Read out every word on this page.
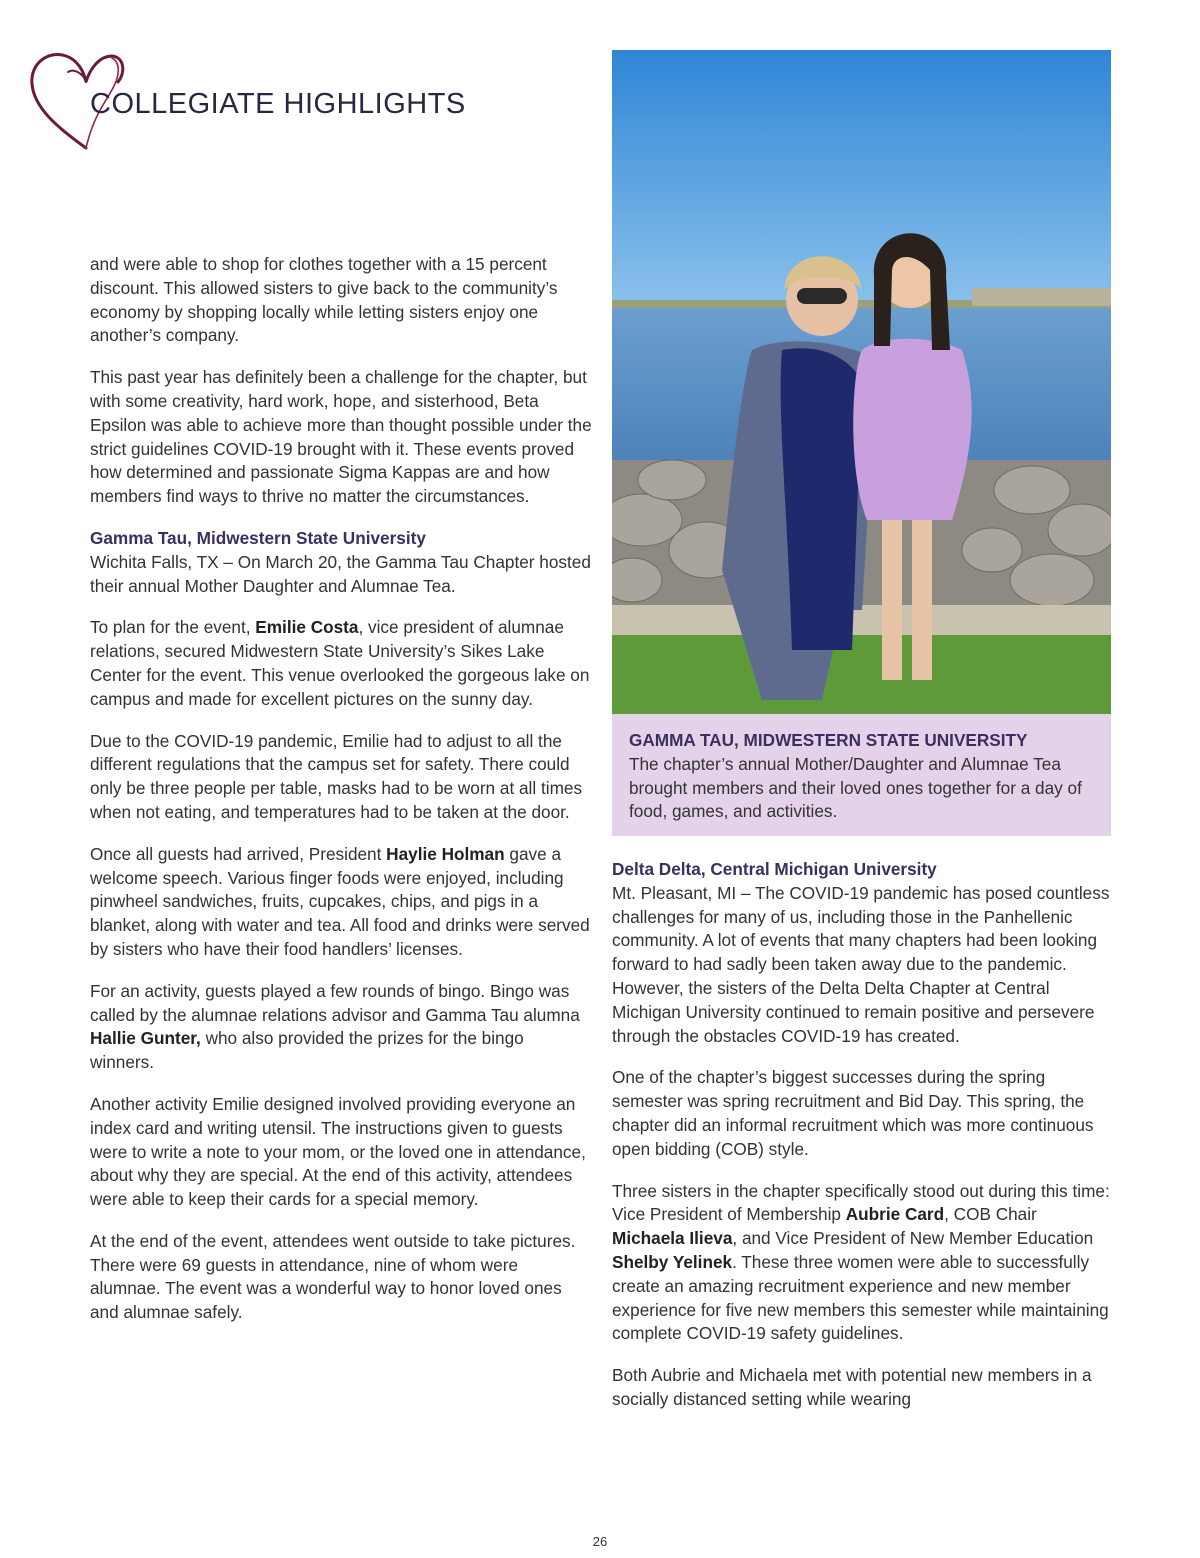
COLLEGIATE HIGHLIGHTS

and were able to shop for clothes together with a 15 percent discount. This allowed sisters to give back to the community’s economy by shopping locally while letting sisters enjoy one another’s company.

This past year has definitely been a challenge for the chapter, but with some creativity, hard work, hope, and sisterhood, Beta Epsilon was able to achieve more than thought possible under the strict guidelines COVID-19 brought with it. These events proved how determined and passionate Sigma Kappas are and how members find ways to thrive no matter the circumstances.

Gamma Tau, Midwestern State University

Wichita Falls, TX – On March 20, the Gamma Tau Chapter hosted their annual Mother Daughter and Alumnae Tea.

To plan for the event, Emilie Costa, vice president of alumnae relations, secured Midwestern State University’s Sikes Lake Center for the event. This venue overlooked the gorgeous lake on campus and made for excellent pictures on the sunny day.

Due to the COVID-19 pandemic, Emilie had to adjust to all the different regulations that the campus set for safety. There could only be three people per table, masks had to be worn at all times when not eating, and temperatures had to be taken at the door.

Once all guests had arrived, President Haylie Holman gave a welcome speech. Various finger foods were enjoyed, including pinwheel sandwiches, fruits, cupcakes, chips, and pigs in a blanket, along with water and tea. All food and drinks were served by sisters who have their food handlers’ licenses.

For an activity, guests played a few rounds of bingo. Bingo was called by the alumnae relations advisor and Gamma Tau alumna Hallie Gunter, who also provided the prizes for the bingo winners.

Another activity Emilie designed involved providing everyone an index card and writing utensil. The instructions given to guests were to write a note to your mom, or the loved one in attendance, about why they are special. At the end of this activity, attendees were able to keep their cards for a special memory.

At the end of the event, attendees went outside to take pictures. There were 69 guests in attendance, nine of whom were alumnae. The event was a wonderful way to honor loved ones and alumnae safely.

GAMMA TAU, MIDWESTERN STATE UNIVERSITY
The chapter’s annual Mother/Daughter and Alumnae Tea brought members and their loved ones together for a day of food, games, and activities.
Delta Delta, Central Michigan University

Mt. Pleasant, MI – The COVID-19 pandemic has posed countless challenges for many of us, including those in the Panhellenic community. A lot of events that many chapters had been looking forward to had sadly been taken away due to the pandemic. However, the sisters of the Delta Delta Chapter at Central Michigan University continued to remain positive and persevere through the obstacles COVID-19 has created.

One of the chapter’s biggest successes during the spring semester was spring recruitment and Bid Day. This spring, the chapter did an informal recruitment which was more continuous open bidding (COB) style.

Three sisters in the chapter specifically stood out during this time: Vice President of Membership Aubrie Card, COB Chair Michaela Ilieva, and Vice President of New Member Education Shelby Yelinek. These three women were able to successfully create an amazing recruitment experience and new member experience for five new members this semester while maintaining complete COVID-19 safety guidelines.

Both Aubrie and Michaela met with potential new members in a socially distanced setting while wearing

26
